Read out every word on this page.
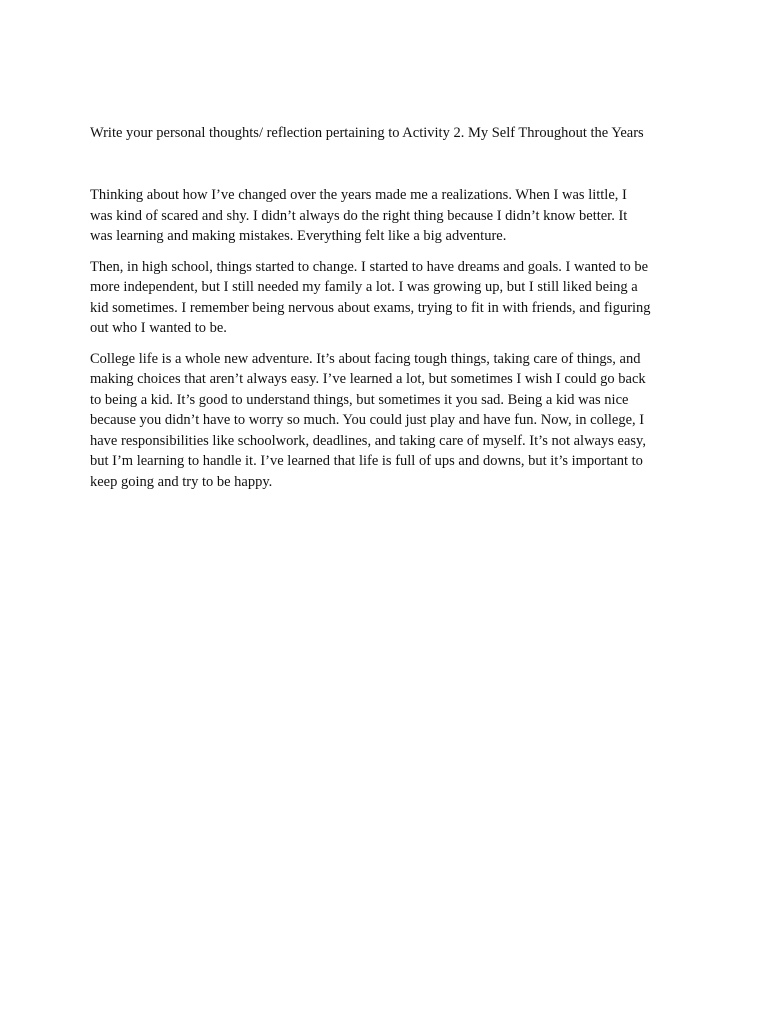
Write your personal thoughts/ reflection pertaining to Activity 2. My Self Throughout the Years

Thinking about how I’ve changed over the years made me a realizations. When I was little, I
was kind of scared and shy. I didn’t always do the right thing because I didn’t know better. It
was learning and making mistakes. Everything felt like a big adventure.

Then, in high school, things started to change. I started to have dreams and goals. I wanted to be
more independent, but I still needed my family a lot. I was growing up, but I still liked being a
kid sometimes. I remember being nervous about exams, trying to fit in with friends, and figuring
out who I wanted to be.

College life is a whole new adventure. It’s about facing tough things, taking care of things, and
making choices that aren’t always easy. I’ve learned a lot, but sometimes I wish I could go back
to being a kid. It’s good to understand things, but sometimes it you sad. Being a kid was nice
because you didn’t have to worry so much. You could just play and have fun. Now, in college, I
have responsibilities like schoolwork, deadlines, and taking care of myself. It’s not always easy,
but I’m learning to handle it. I’ve learned that life is full of ups and downs, but it’s important to
keep going and try to be happy.
